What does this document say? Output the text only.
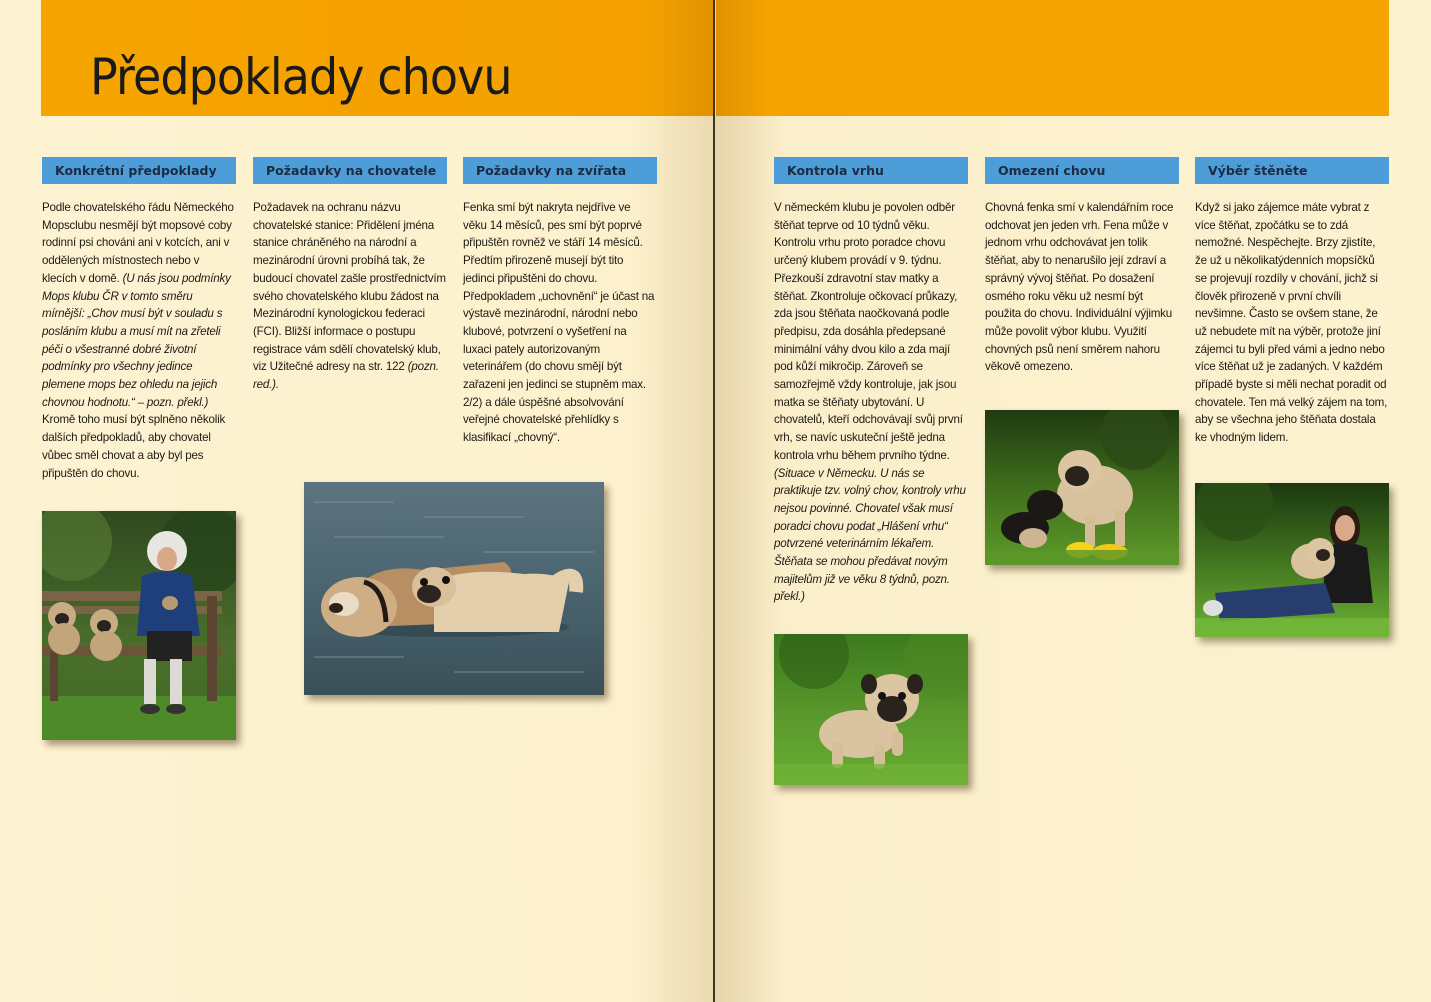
Předpoklady chovu
Konkrétní předpoklady

Podle chovatelského řádu Německého Mopsclubu nesmějí být mopsové coby rodinní psi chováni ani v kotcích, ani v oddělených místnostech nebo v klecích v domě. (U nás jsou podmínky Mops klubu ČR v tomto směru mírnější: „Chov musí být v souladu s posláním klubu a musí mít na zřeteli péči o všestranné dobré životní podmínky pro všechny jedince plemene mops bez ohledu na jejich chovnou hodnotu.“ – pozn. překl.) Kromě toho musí být splněno několik dalších předpokladů, aby chovatel vůbec směl chovat a aby byl pes připuštěn do chovu.

Požadavky na chovatele

Požadavek na ochranu názvu chovatelské stanice: Přidělení jména stanice chráněného na národní a mezinárodní úrovni probíhá tak, že budoucí chovatel zašle prostřednictvím svého chovatelského klubu žádost na Mezinárodní kynologickou federaci (FCI). Bližší informace o postupu registrace vám sdělí chovatelský klub, viz Užitečné adresy na str. 122 (pozn. red.).

Požadavky na zvířata

Fenka smí být nakryta nejdříve ve věku 14 měsíců, pes smí být poprvé připuštěn rovněž ve stáří 14 měsíců. Předtím přirozeně musejí být tito jedinci připuštěni do chovu. Předpokladem „uchovnění“ je účast na výstavě mezinárodní, národní nebo klubové, potvrzení o vyšetření na luxaci pately autorizovaným veterinářem (do chovu smějí být zařazeni jen jedinci se stupněm max. 2/2) a dále úspěšné absolvování veřejné chovatelské přehlídky s klasifikací „chovný“.

Kontrola vrhu

V německém klubu je povolen odběr štěňat teprve od 10 týdnů věku. Kontrolu vrhu proto poradce chovu určený klubem provádí v 9. týdnu. Přezkouší zdravotní stav matky a štěňat. Zkontroluje očkovací průkazy, zda jsou štěňata naočkovaná podle předpisu, zda dosáhla předepsané minimální váhy dvou kilo a zda mají pod kůží mikročip. Zároveň se samozřejmě vždy kontroluje, jak jsou matka se štěňaty ubytování. U chovatelů, kteří odchovávají svůj první vrh, se navíc uskuteční ještě jedna kontrola vrhu během prvního týdne. (Situace v Německu. U nás se praktikuje tzv. volný chov, kontroly vrhu nejsou povinné. Chovatel však musí poradci chovu podat „Hlášení vrhu“ potvrzené veterinárním lékařem. Štěňata se mohou předávat novým majitelům již ve věku 8 týdnů, pozn. překl.)

Omezení chovu

Chovná fenka smí v kalendářním roce odchovat jen jeden vrh. Fena může v jednom vrhu odchovávat jen tolik štěňat, aby to nenarušilo její zdraví a správný vývoj štěňat. Po dosažení osmého roku věku už nesmí být použita do chovu. Individuální výjimku může povolit výbor klubu. Využití chovných psů není směrem nahoru věkově omezeno.

Výběr štěněte

Když si jako zájemce máte vybrat z více štěňat, zpočátku se to zdá nemožné. Nespěchejte. Brzy zjistíte, že už u několikatýdenních mopsíčků se projevují rozdíly v chování, jichž si člověk přirozeně v první chvíli nevšimne. Často se ovšem stane, že už nebudete mít na výběr, protože jiní zájemci tu byli před vámi a jedno nebo více štěňat už je zadaných. V každém případě byste si měli nechat poradit od chovatele. Ten má velký zájem na tom, aby se všechna jeho štěňata dostala ke vhodným lidem.
